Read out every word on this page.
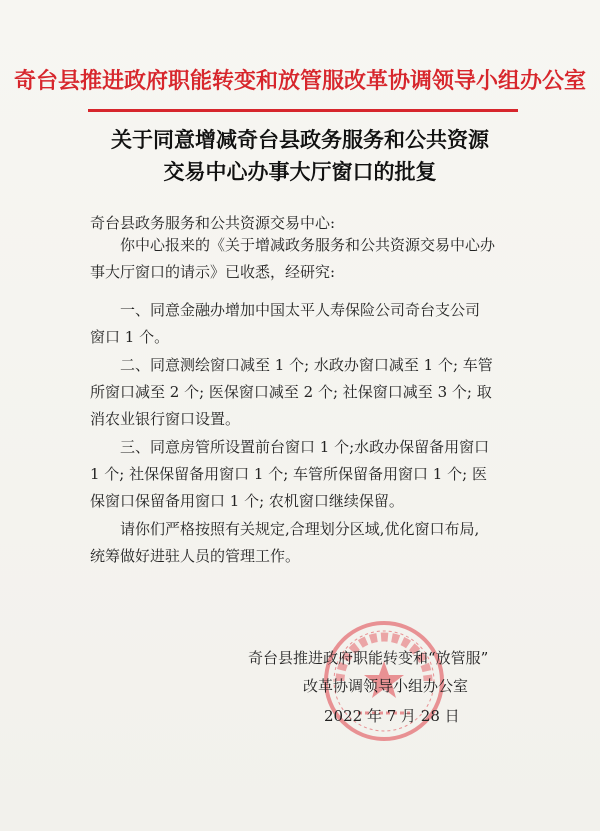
奇台县推进政府职能转变和放管服改革协调领导小组办公室
关于同意增减奇台县政务服务和公共资源
交易中心办事大厅窗口的批复
奇台县政务服务和公共资源交易中心:
　　你中心报来的《关于增减政务服务和公共资源交易中心办
事大厅窗口的请示》已收悉，经研究:
　　一、同意金融办增加中国太平人寿保险公司奇台支公司
窗口 1 个。
　　二、同意测绘窗口减至 1 个; 水政办窗口减至 1 个; 车管
所窗口减至 2 个; 医保窗口减至 2 个; 社保窗口减至 3 个; 取
消农业银行窗口设置。
　　三、同意房管所设置前台窗口 1 个;水政办保留备用窗口
1 个; 社保保留备用窗口 1 个; 车管所保留备用窗口 1 个; 医
保窗口保留备用窗口 1 个; 农机窗口继续保留。
　　请你们严格按照有关规定,合理划分区域,优化窗口布局,
统筹做好进驻人员的管理工作。
奇台县推进政府职能转变和“放管服”
改革协调领导小组办公室
2022 年 7 月 28 日
